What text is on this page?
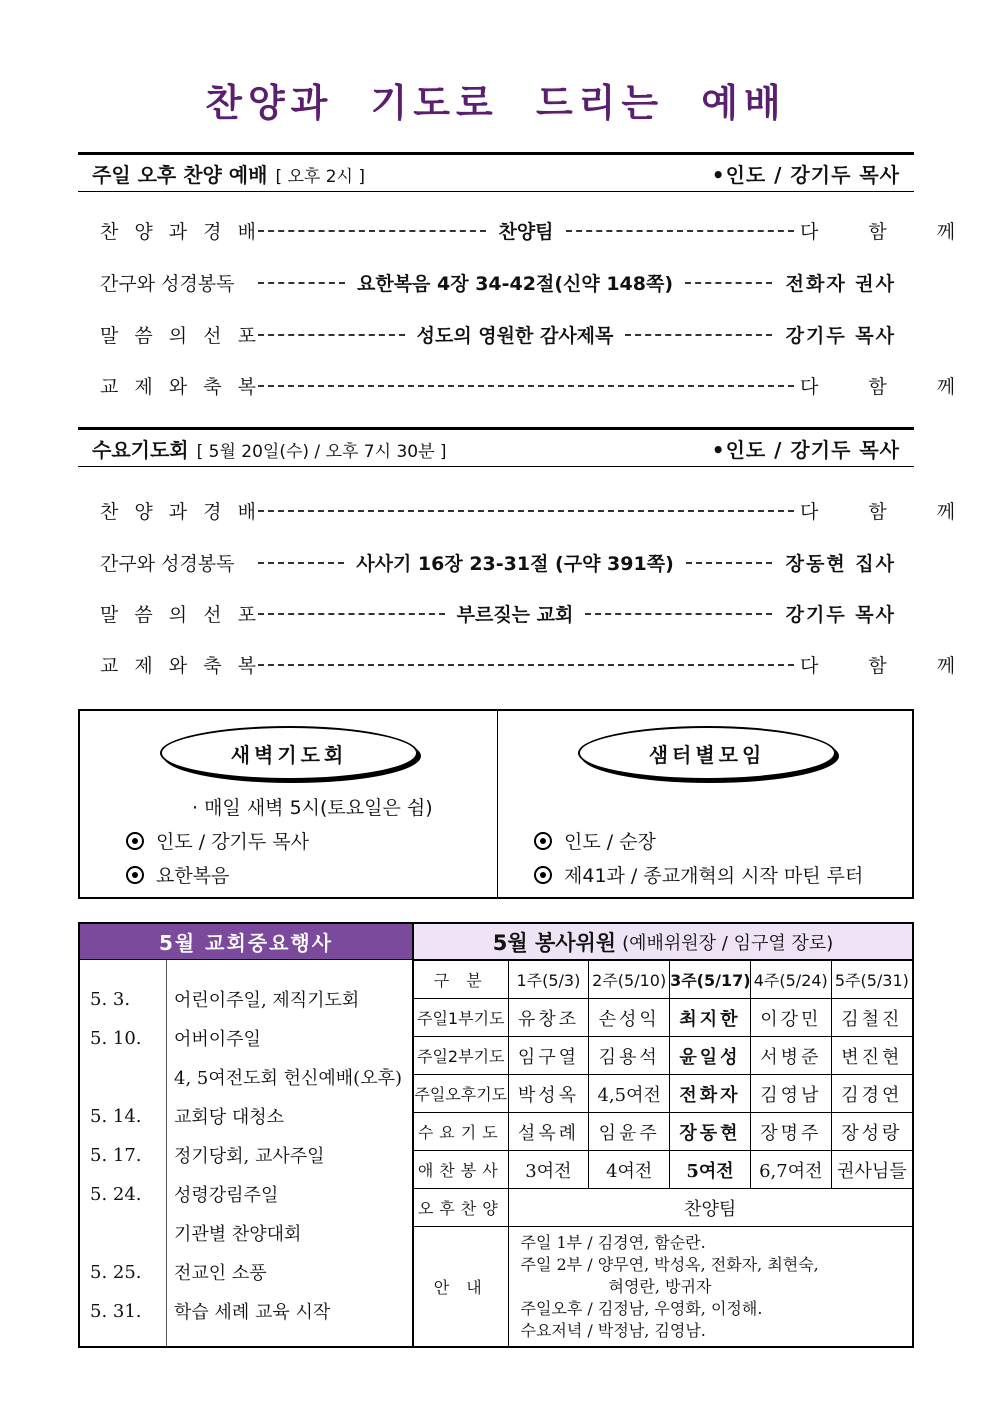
찬양과 기도로 드리는 예배
주일 오후 찬양 예배 [ 오후 2시 ]	•인도 / 강기두 목사
찬 양 과 경 배	찬양팀	다 함 께
간구와 성경봉독	요한복음 4장 34-42절(신약 148쪽)	전화자 권사
말 씀 의 선 포	성도의 영원한 감사제목	강기두 목사
교 제 와 축 복	다 함 께
수요기도회 [ 5월 20일(수) / 오후 7시 30분 ]	•인도 / 강기두 목사
찬 양 과 경 배	다 함 께
간구와 성경봉독	사사기 16장 23-31절 (구약 391쪽)	장동현 집사
말 씀 의 선 포	부르짖는 교회	강기두 목사
교 제 와 축 복	다 함 께
새벽기도회
· 매일 새벽 5시(토요일은 쉼)
인도 / 강기두 목사
요한복음
샘터별모임
인도 / 순장
제41과 / 종교개혁의 시작 마틴 루터
5월 교회중요행사
5. 3.	어린이주일, 제직기도회
5. 10.	어버이주일
4, 5여전도회 헌신예배(오후)
5. 14.	교회당 대청소
5. 17.	정기당회, 교사주일
5. 24.	성령강림주일
기관별 찬양대회
5. 25.	전교인 소풍
5. 31.	학습 세례 교육 시작
5월 봉사위원 (예배위원장 / 임구열 장로)
구 분	1주(5/3)	2주(5/10)	3주(5/17)	4주(5/24)	5주(5/31)
주일1부기도	유창조	손성익	최지한	이강민	김철진
주일2부기도	임구열	김용석	윤일성	서병준	변진현
주일오후기도	박성옥	4,5여전	전화자	김영남	김경연
수요기도	설옥례	임윤주	장동현	장명주	장성랑
애찬봉사	3여전	4여전	5여전	6,7여전	권사님들
오후찬양	찬양팀				
안 내	주일 1부 / 김경연, 함순란.
주일 2부 / 양무연, 박성옥, 전화자, 최현숙,
혀영란, 방귀자
주일오후 / 김정남, 우영화, 이정해.
수요저녁 / 박정남, 김영남.				
